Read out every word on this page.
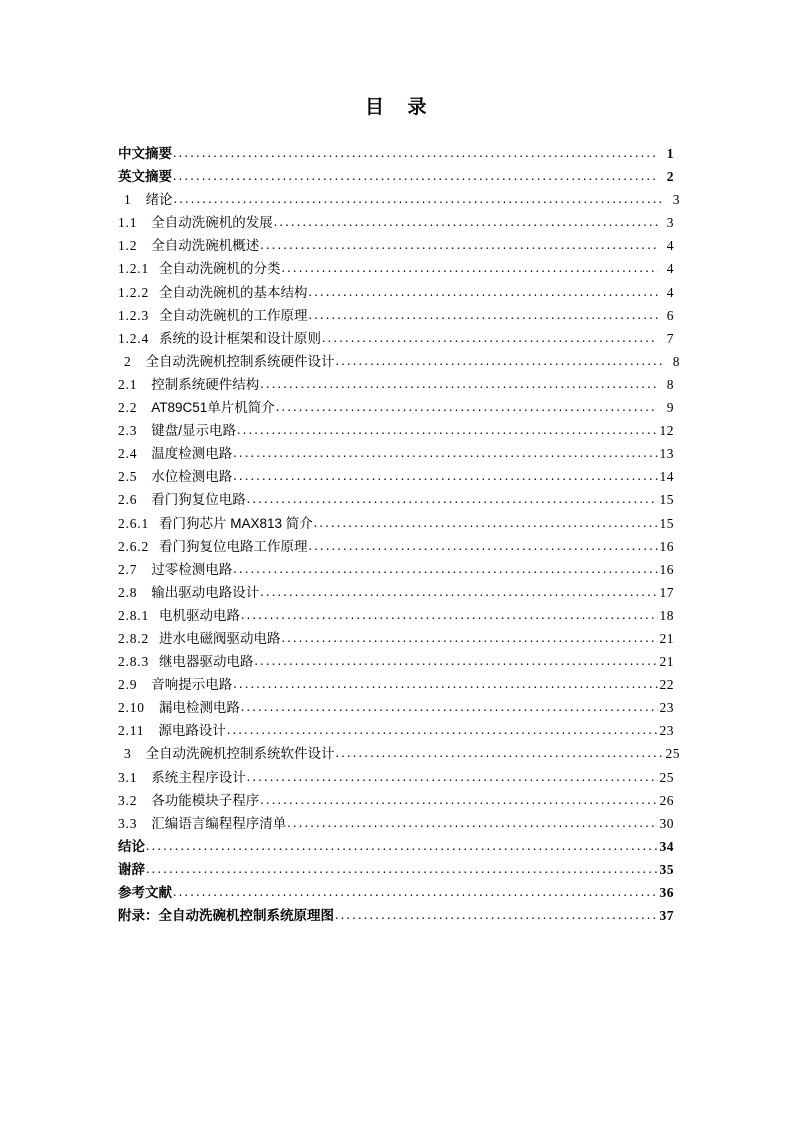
目    录
中文摘要 .....	1
英文摘要 .....	2
1	绪论 .....	3
1.1	全自动洗碗机的发展 .....	3
1.2	全自动洗碗机概述 .....	4
1.2.1 全自动洗碗机的分类 .....	4
1.2.2 全自动洗碗机的基本结构 .....	4
1.2.3 全自动洗碗机的工作原理 .....	6
1.2.4 系统的设计框架和设计原则 .....	7
2	全自动洗碗机控制系统硬件设计 .....	8
2.1	控制系统硬件结构 .....	8
2.2	AT89C51单片机简介 .....	9
2.3	键盘/显示电路 .....	12
2.4	温度检测电路 .....	13
2.5	水位检测电路 .....	14
2.6	看门狗复位电路 .....	15
2.6.1 看门狗芯片 MAX813 简介 .....	15
2.6.2 看门狗复位电路工作原理 .....	16
2.7	过零检测电路 .....	16
2.8	输出驱动电路设计 .....	17
2.8.1 电机驱动电路 .....	18
2.8.2 进水电磁阀驱动电路 .....	21
2.8.3 继电器驱动电路 .....	21
2.9	音响提示电路 .....	22
2.10	漏电检测电路 .....	23
2.11	源电路设计 .....	23
3	全自动洗碗机控制系统软件设计 .....	25
3.1	系统主程序设计 .....	25
3.2	各功能模块子程序 .....	26
3.3	汇编语言编程程序清单 .....	30
结论 .....	34
谢辞 .....	35
参考文献 .....	36
附录：全自动洗碗机控制系统原理图 .....	37
